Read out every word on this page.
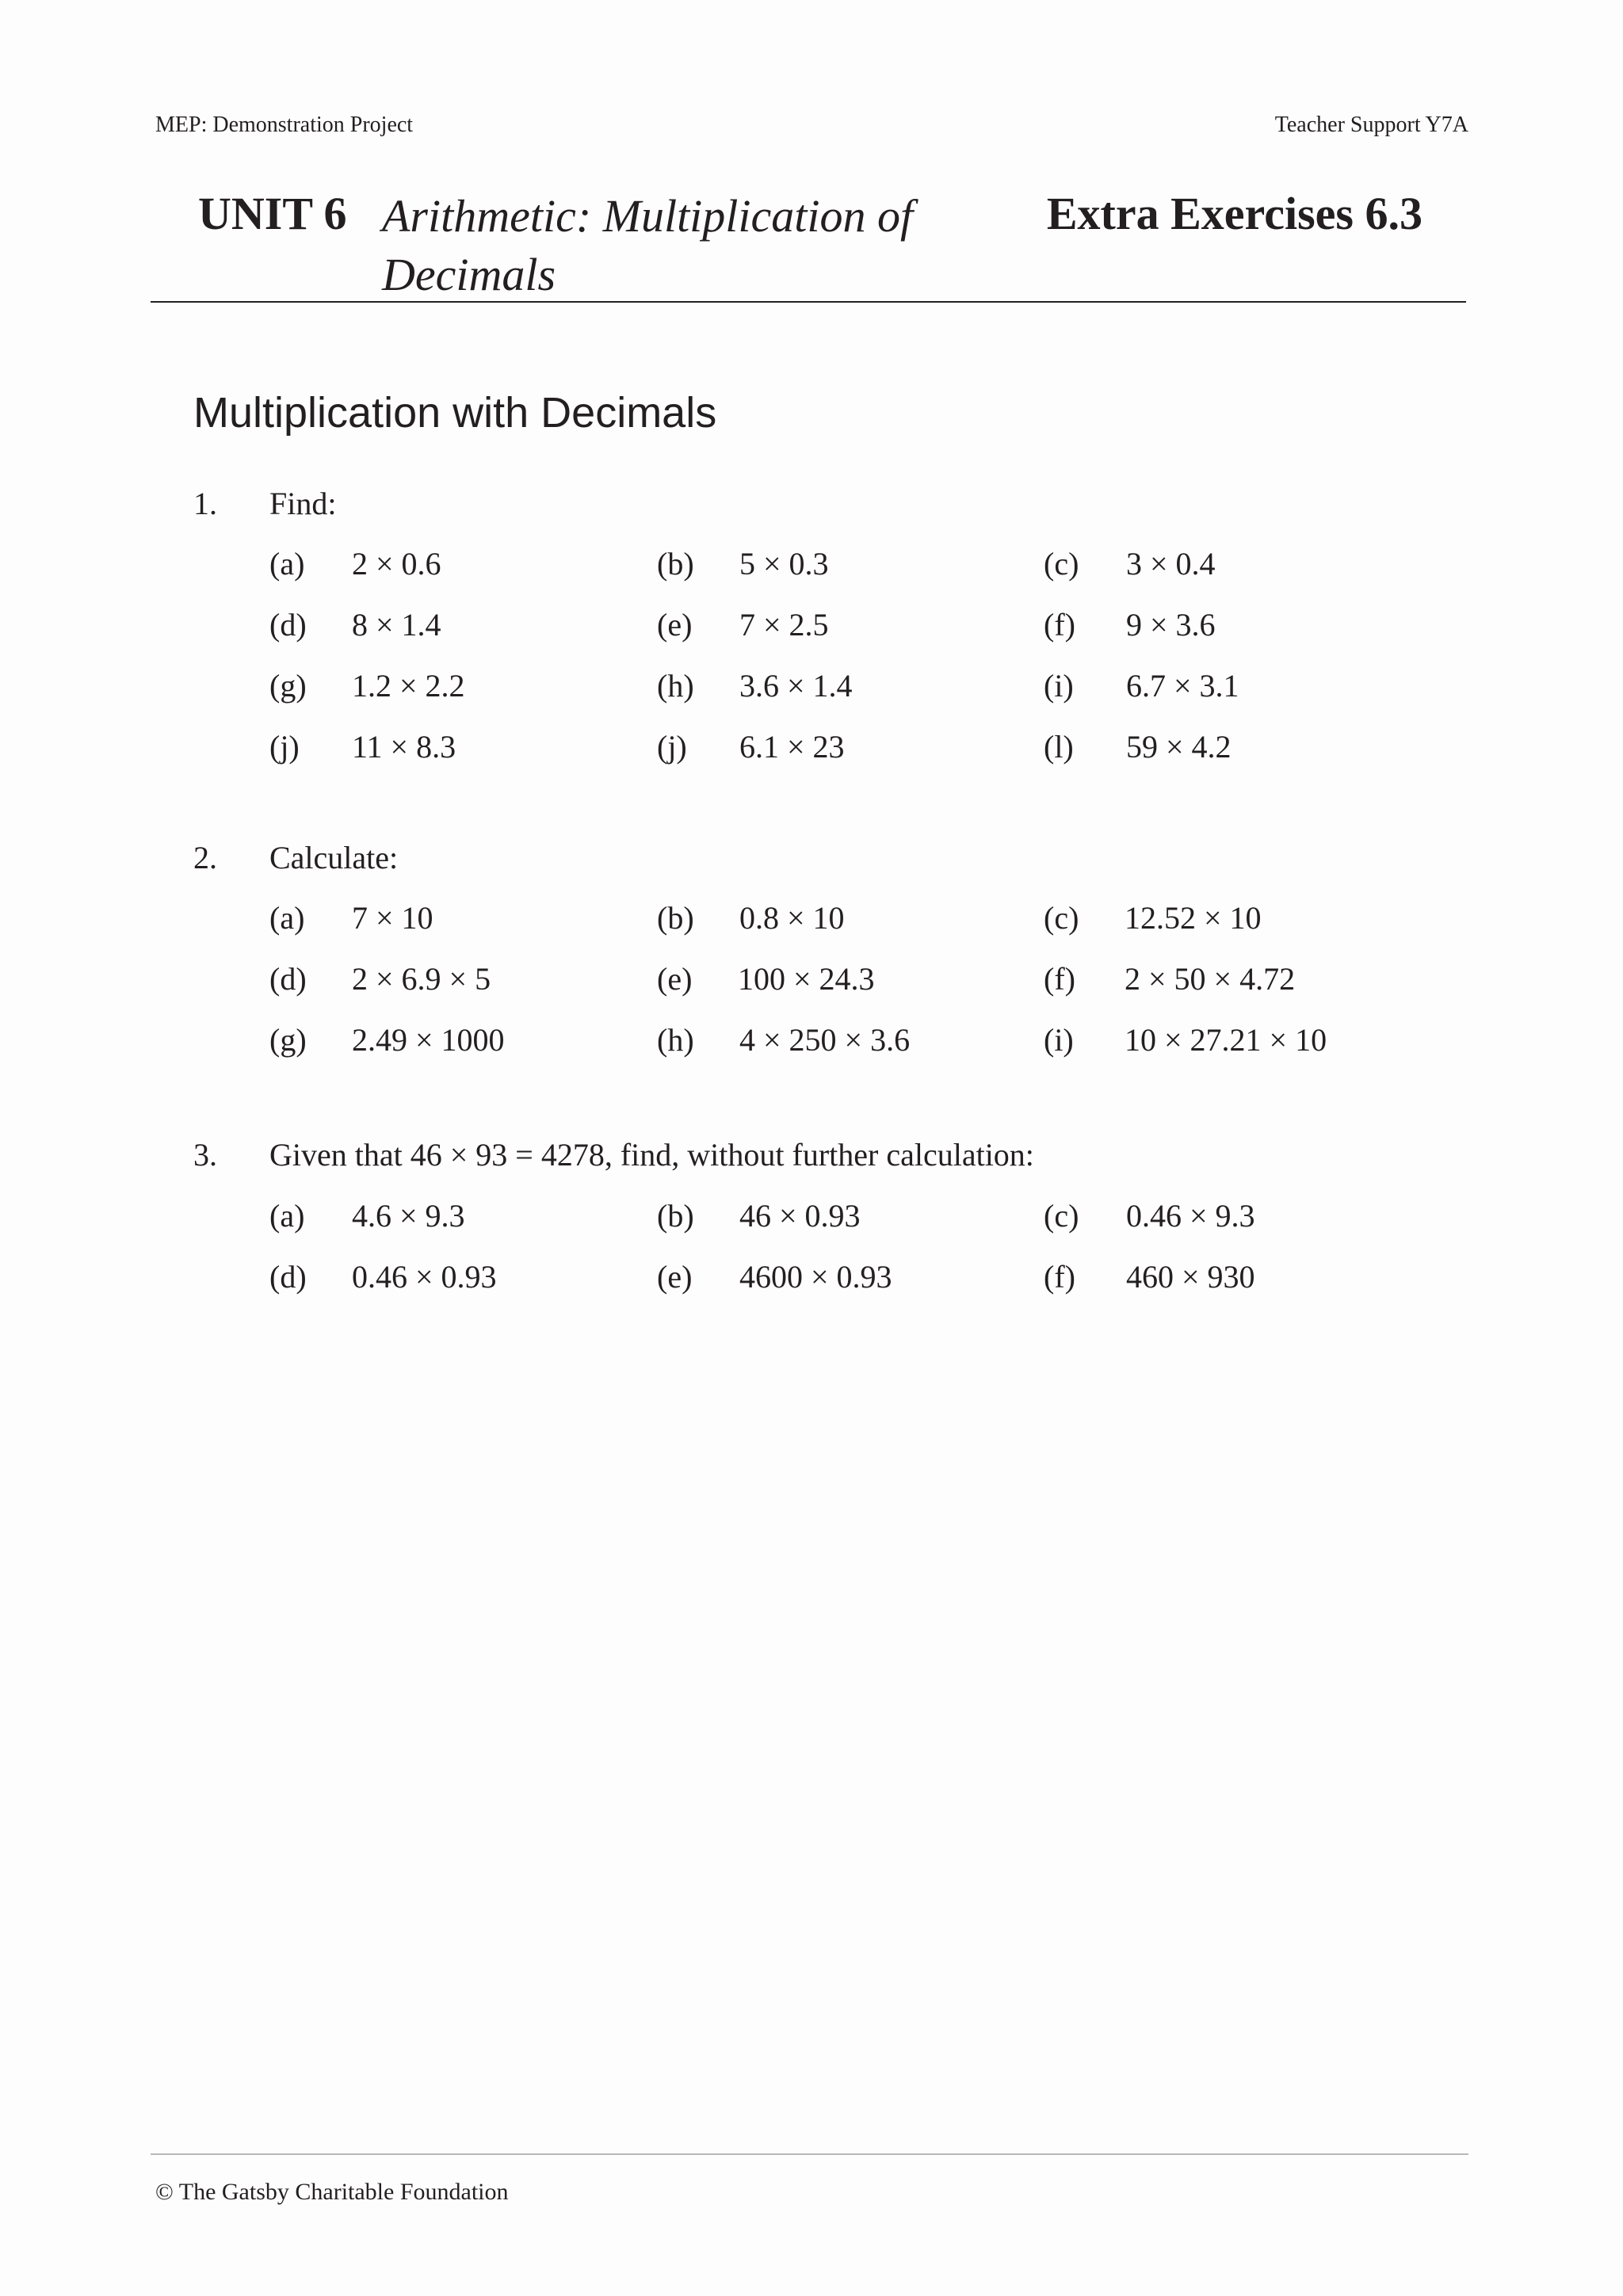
MEP: Demonstration Project	Teacher Support Y7A
UNIT 6 Arithmetic: Multiplication of Decimals
Extra Exercises 6.3
Multiplication with Decimals
1. Find:
(a) 2 × 0.6	(b) 5 × 0.3	(c) 3 × 0.4
(d) 8 × 1.4	(e) 7 × 2.5	(f) 9 × 3.6
(g) 1.2 × 2.2	(h) 3.6 × 1.4	(i) 6.7 × 3.1
(j) 11 × 8.3	(j) 6.1 × 23	(l) 59 × 4.2
2. Calculate:
(a) 7 × 10	(b) 0.8 × 10	(c) 12.52 × 10
(d) 2 × 6.9 × 5	(e) 100 × 24.3	(f) 2 × 50 × 4.72
(g) 2.49 × 1000	(h) 4 × 250 × 3.6	(i) 10 × 27.21 × 10
3. Given that 46 × 93 = 4278, find, without further calculation:
(a) 4.6 × 9.3	(b) 46 × 0.93	(c) 0.46 × 9.3
(d) 0.46 × 0.93	(e) 4600 × 0.93	(f) 460 × 930
© The Gatsby Charitable Foundation
